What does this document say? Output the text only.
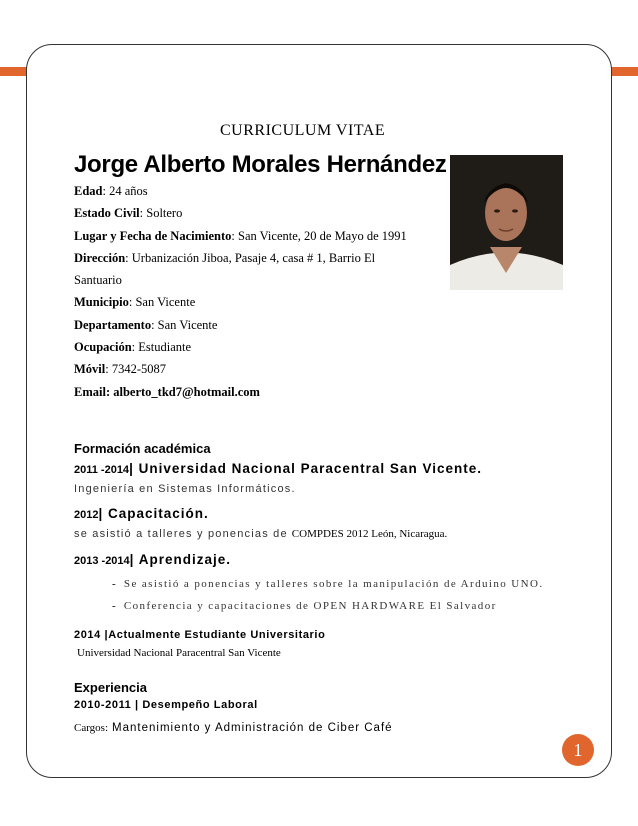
CURRICULUM VITAE
Jorge Alberto Morales Hernández
Edad: 24 años
Estado Civil: Soltero
Lugar y Fecha de Nacimiento: San Vicente, 20 de Mayo de 1991
Dirección: Urbanización Jiboa, Pasaje 4, casa # 1, Barrio El
Santuario
Municipio: San Vicente
Departamento: San Vicente
Ocupación: Estudiante
Móvil: 7342-5087
Email: alberto_tkd7@hotmail.com
Formación académica
2011 -2014| Universidad Nacional Paracentral San Vicente.
Ingeniería en Sistemas Informáticos.
2012| Capacitación.
se asistió a talleres y ponencias de COMPDES 2012 León, Nicaragua.
2013 -2014| Aprendizaje.
-   Se asistió a ponencias y talleres sobre la manipulación de Arduino UNO.
-   Conferencia y capacitaciones de OPEN HARDWARE El Salvador
2014 |Actualmente Estudiante Universitario
Universidad Nacional Paracentral San Vicente
Experiencia
2010-2011 | Desempeño Laboral
Cargos: Mantenimiento y Administración de Ciber Café
1
